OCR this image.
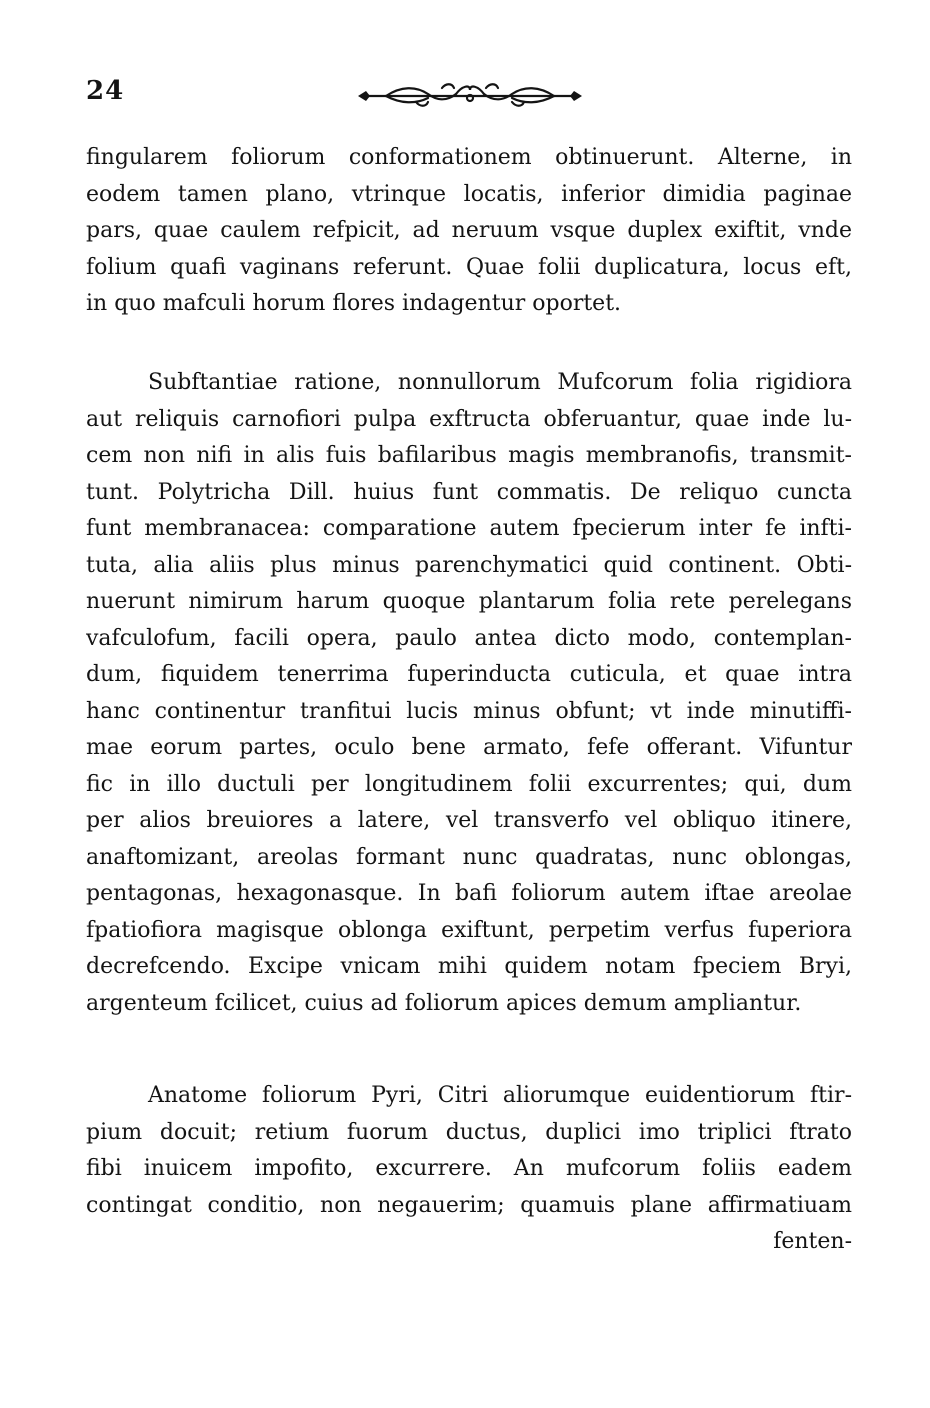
24
fingularem foliorum conformationem obtinuerunt. Alterne, in
eodem tamen plano, vtrinque locatis, inferior dimidia paginae
pars, quae caulem refpicit, ad neruum vsque duplex exiftit, vnde
folium quafi vaginans referunt. Quae folii duplicatura, locus eft,
in quo mafculi horum flores indagentur oportet.
Subftantiae ratione, nonnullorum Mufcorum folia rigidiora
aut reliquis carnofiori pulpa exftructa obferuantur, quae inde lu-
cem non nifi in alis fuis bafilaribus magis membranofis, transmit-
tunt. Polytricha Dill. huius funt commatis. De reliquo cuncta
funt membranacea: comparatione autem fpecierum inter fe infti-
tuta, alia aliis plus minus parenchymatici quid continent. Obti-
nuerunt nimirum harum quoque plantarum folia rete perelegans
vafculofum, facili opera, paulo antea dicto modo, contemplan-
dum, fiquidem tenerrima fuperinducta cuticula, et quae intra
hanc continentur tranfitui lucis minus obfunt; vt inde minutiffi-
mae eorum partes, oculo bene armato, fefe offerant. Vifuntur
fic in illo ductuli per longitudinem folii excurrentes; qui, dum
per alios breuiores a latere, vel transverfo vel obliquo itinere,
anaftomizant, areolas formant nunc quadratas, nunc oblongas,
pentagonas, hexagonasque. In bafi foliorum autem iftae areolae
fpatiofiora magisque oblonga exiftunt, perpetim verfus fuperiora
decrefcendo. Excipe vnicam mihi quidem notam fpeciem Bryi,
argenteum fcilicet, cuius ad foliorum apices demum ampliantur.
Anatome foliorum Pyri, Citri aliorumque euidentiorum ftir-
pium docuit; retium fuorum ductus, duplici imo triplici ftrato
fibi inuicem impofito, excurrere. An mufcorum foliis eadem
contingat conditio, non negauerim; quamuis plane affirmatiuam
fenten-
